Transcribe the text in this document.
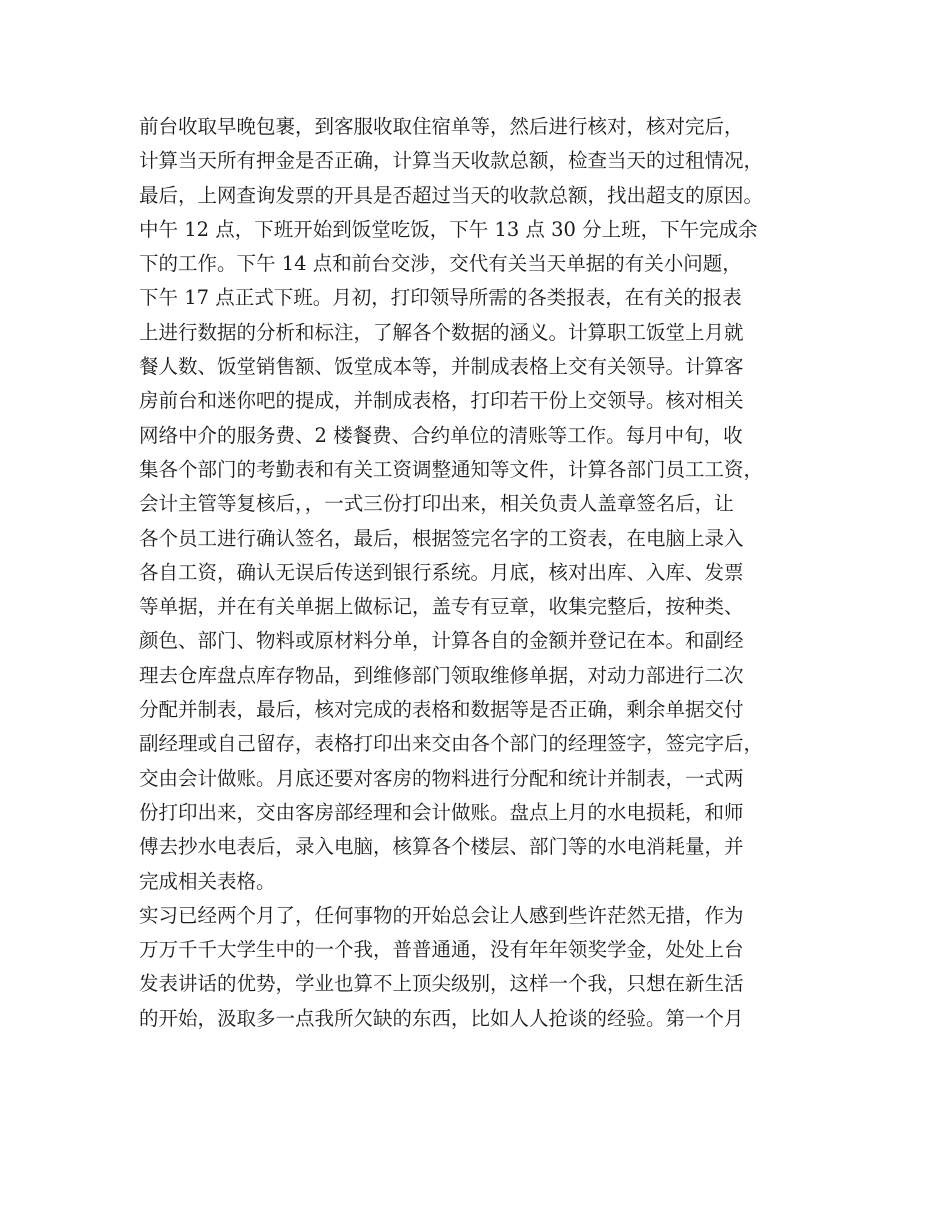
前台收取早晚包裹，到客服收取住宿单等，然后进行核对，核对完后，
计算当天所有押金是否正确，计算当天收款总额，检查当天的过租情况，
最后，上网查询发票的开具是否超过当天的收款总额，找出超支的原因。
中午 12 点，下班开始到饭堂吃饭，下午 13 点 30 分上班，下午完成余
下的工作。下午 14 点和前台交涉，交代有关当天单据的有关小问题，
下午 17 点正式下班。月初，打印领导所需的各类报表，在有关的报表
上进行数据的分析和标注，了解各个数据的涵义。计算职工饭堂上月就
餐人数、饭堂销售额、饭堂成本等，并制成表格上交有关领导。计算客
房前台和迷你吧的提成，并制成表格，打印若干份上交领导。核对相关
网络中介的服务费、2 楼餐费、合约单位的清账等工作。每月中旬，收
集各个部门的考勤表和有关工资调整通知等文件，计算各部门员工工资，
会计主管等复核后，，一式三份打印出来，相关负责人盖章签名后，让
各个员工进行确认签名，最后，根据签完名字的工资表，在电脑上录入
各自工资，确认无误后传送到银行系统。月底，核对出库、入库、发票
等单据，并在有关单据上做标记，盖专有豆章，收集完整后，按种类、
颜色、部门、物料或原材料分单，计算各自的金额并登记在本。和副经
理去仓库盘点库存物品，到维修部门领取维修单据，对动力部进行二次
分配并制表，最后，核对完成的表格和数据等是否正确，剩余单据交付
副经理或自己留存，表格打印出来交由各个部门的经理签字，签完字后，
交由会计做账。月底还要对客房的物料进行分配和统计并制表，一式两
份打印出来，交由客房部经理和会计做账。盘点上月的水电损耗，和师
傅去抄水电表后，录入电脑，核算各个楼层、部门等的水电消耗量，并
完成相关表格。
实习已经两个月了，任何事物的开始总会让人感到些许茫然无措，作为
万万千千大学生中的一个我，普普通通，没有年年领奖学金，处处上台
发表讲话的优势，学业也算不上顶尖级别，这样一个我，只想在新生活
的开始，汲取多一点我所欠缺的东西，比如人人抢谈的经验。第一个月
